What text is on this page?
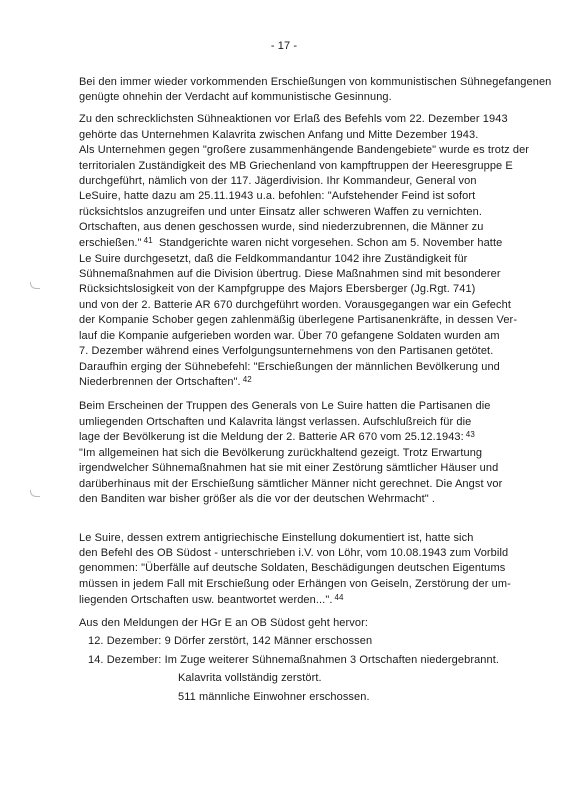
- 17 -
Bei den immer wieder vorkommenden Erschießungen von kommunistischen Sühnegefangenen
genügte ohnehin der Verdacht auf kommunistische Gesinnung.
Zu den schrecklichsten Sühneaktionen vor Erlaß des Befehls vom 22. Dezember 1943
gehörte das Unternehmen Kalavrita zwischen Anfang und Mitte Dezember 1943.
Als Unternehmen gegen "großere zusammenhängende Bandengebiete" wurde es trotz der
territorialen Zuständigkeit des MB Griechenland von kampftruppen der Heeresgruppe E
durchgeführt, nämlich von der 117. Jägerdivision. Ihr Kommandeur, General von
LeSuire, hatte dazu am 25.11.1943 u.a. befohlen: "Aufstehender Feind ist sofort
rücksichtslos anzugreifen und unter Einsatz aller schweren Waffen zu vernichten.
Ortschaften, aus denen geschossen wurde, sind niederzubrennen, die Männer zu
erschießen." $^{41}$ Standgerichte waren nicht vorgesehen. Schon am 5. November hatte
Le Suire durchgesetzt, daß die Feldkommandantur 1042 ihre Zuständigkeit für
Sühnemaßnahmen auf die Division übertrug. Diese Maßnahmen sind mit besonderer
Rücksichtslosigkeit von der Kampfgruppe des Majors Ebersberger (Jg.Rgt. 741)
und von der 2. Batterie AR 670 durchgeführt worden. Vorausgegangen war ein Gefecht
der Kompanie Schober gegen zahlenmäßig überlegene Partisanenkräfte, in dessen Ver-
lauf die Kompanie aufgerieben worden war. Über 70 gefangene Soldaten wurden am
7. Dezember während eines Verfolgungsunternehmens von den Partisanen getötet.
Daraufhin erging der Sühnebefehl: "Erschießungen der männlichen Bevölkerung und
Niederbrennen der Ortschaften". $^{42}$
Beim Erscheinen der Truppen des Generals von Le Suire hatten die Partisanen die
umliegenden Ortschaften und Kalavrita längst verlassen. Aufschlußreich für die
lage der Bevölkerung ist die Meldung der 2. Batterie AR 670 vom 25.12.1943: $^{43}$
"Im allgemeinen hat sich die Bevölkerung zurückhaltend gezeigt. Trotz Erwartung
irgendwelcher Sühnemaßnahmen hat sie mit einer Zestörung sämtlicher Häuser und
darüberhinaus mit der Erschießung sämtlicher Männer nicht gerechnet. Die Angst vor
den Banditen war bisher größer als die vor der deutschen Wehrmacht" .
Le Suire, dessen extrem antigriechische Einstellung dokumentiert ist, hatte sich
den Befehl des OB Südost - unterschrieben i.V. von Löhr, vom 10.08.1943 zum Vorbild
genommen: "Überfälle auf deutsche Soldaten, Beschädigungen deutschen Eigentums
müssen in jedem Fall mit Erschießung oder Erhängen von Geiseln, Zerstörung der um-
liegenden Ortschaften usw. beantwortet werden...". $^{44}$
Aus den Meldungen der HGr E an OB Südost geht hervor:
12. Dezember: 9 Dörfer zerstört, 142 Männer erschossen
14. Dezember: Im Zuge weiterer Sühnemaßnahmen 3 Ortschaften niedergebrannt.
Kalavrita vollständig zerstört.
511 männliche Einwohner erschossen.
